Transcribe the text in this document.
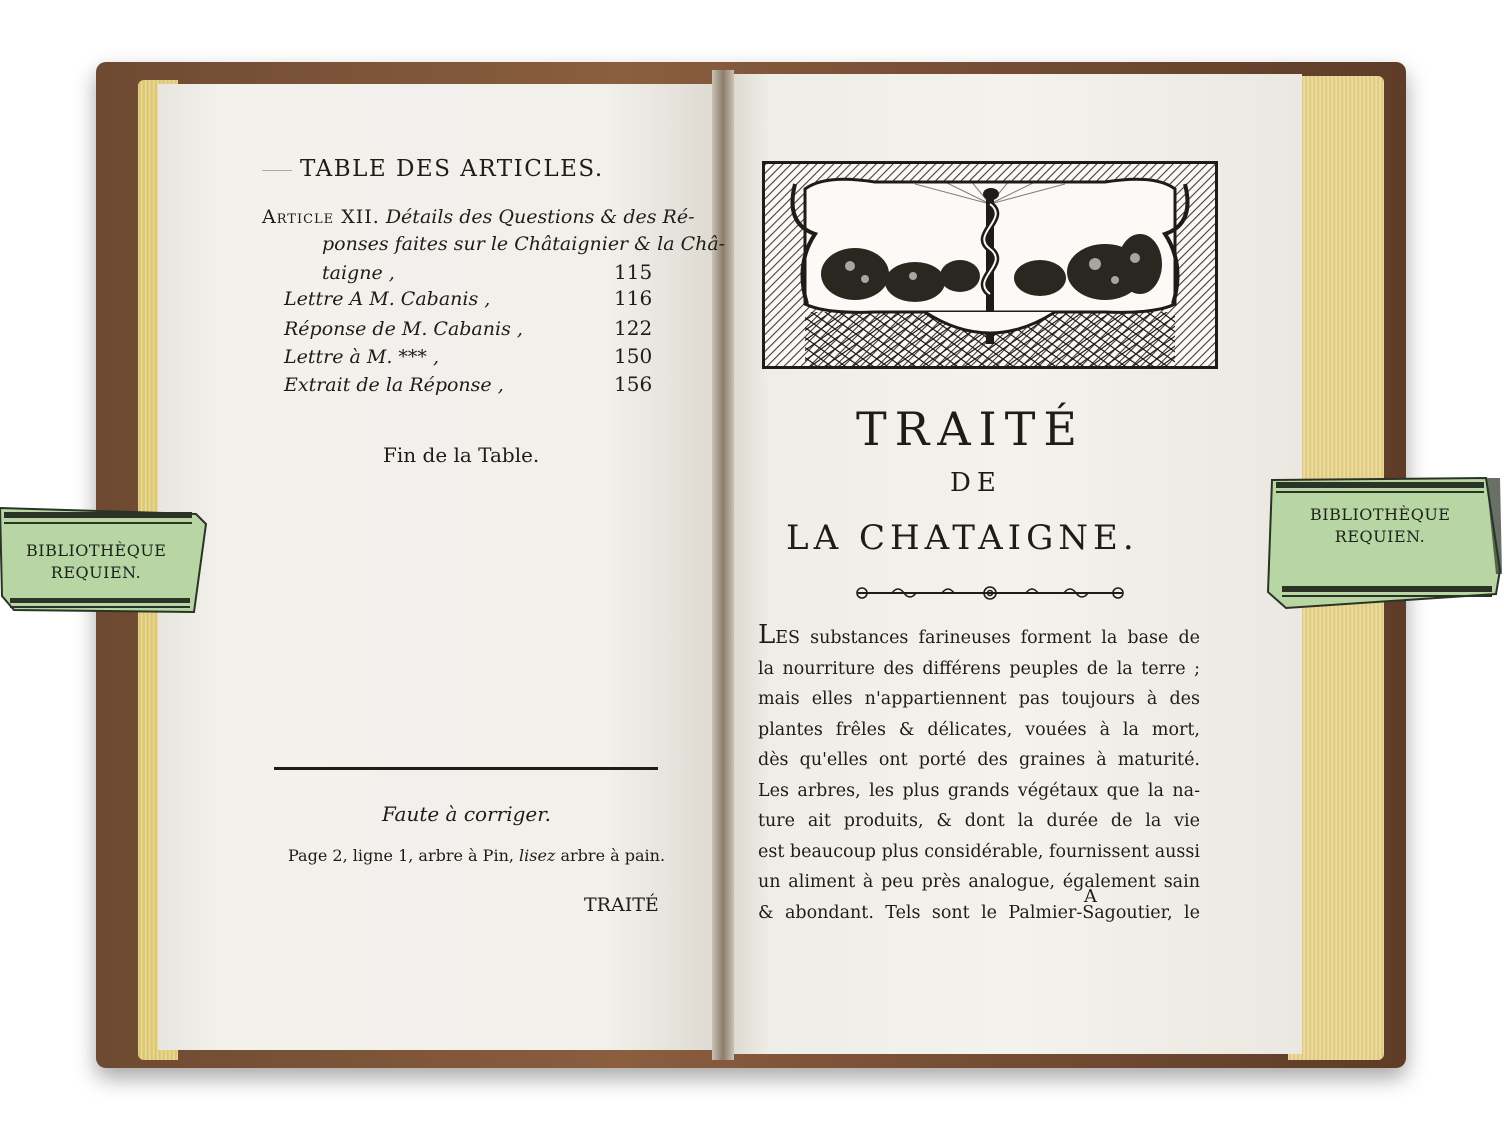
TABLE DES ARTICLES.
Article XII. Détails des Questions & des Ré-
ponses faites sur le Châtaignier & la Châ-
taigne ,	115
Lettre A M. Cabanis ,	116
Réponse de M. Cabanis ,	122
Lettre à M. *** ,	150
Extrait de la Réponse ,	156
Fin de la Table.
Faute à corriger.
Page 2, ligne 1, arbre à Pin, lisez arbre à pain.
TRAITÉ
TRAITÉ
DE
LA CHATAIGNE.
LES substances farineuses forment la base de
la nourriture des différens peuples de la terre ;
mais elles n'appartiennent pas toujours à des
plantes frêles & délicates, vouées à la mort,
dès qu'elles ont porté des graines à maturité.
Les arbres, les plus grands végétaux que la na-
ture ait produits, & dont la durée de la vie
est beaucoup plus considérable, fournissent aussi
un aliment à peu près analogue, également sain
& abondant. Tels sont le Palmier-Sagoutier, le
A
BIBLIOTHÈQUE
REQUIEN.
BIBLIOTHÈQUE
REQUIEN.
